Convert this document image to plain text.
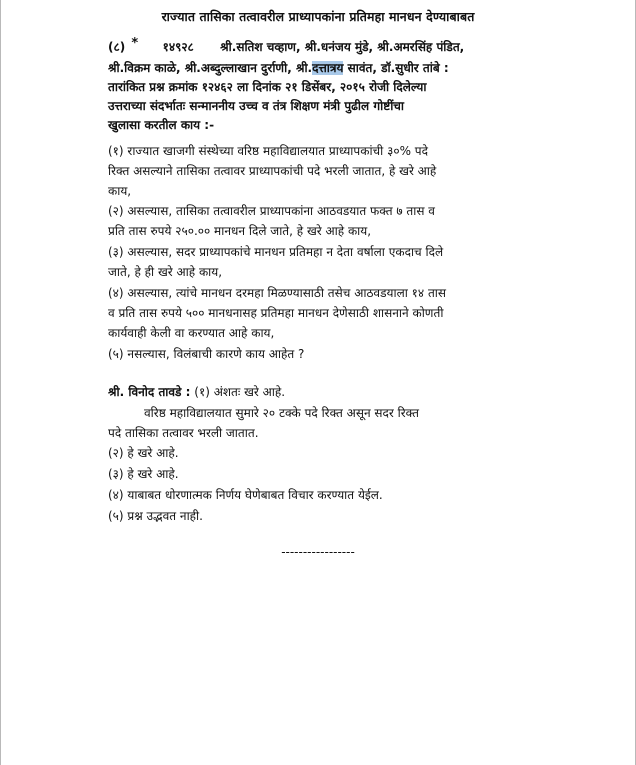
राज्यात तासिका तत्वावरील प्राध्यापकांना प्रतिमहा मानधन देण्याबाबत
(८) * १४९२८ श्री.सतिश चव्हाण, श्री.धनंजय मुंडे, श्री.अमरसिंह पंडित,
श्री.विक्रम काळे, श्री.अब्दुल्लाखान दुर्राणी, श्री.दत्तात्रय सावंत, डॉ.सुधीर तांबे :
तारांकित प्रश्न क्रमांक १२४६२ ला दिनांक २१ डिसेंबर, २०१५ रोजी दिलेल्या
उत्तराच्या संदर्भातः सन्माननीय उच्च व तंत्र शिक्षण मंत्री पुढील गोष्टींचा
खुलासा करतील काय :-
(१) राज्यात खाजगी संस्थेच्या वरिष्ठ महाविद्यालयात प्राध्यापकांची ३०% पदे
रिक्त असल्याने तासिका तत्वावर प्राध्यापकांची पदे भरली जातात, हे खरे आहे
काय,
(२) असल्यास, तासिका तत्वावरील प्राध्यापकांना आठवडयात फक्त ७ तास व
प्रति तास रुपये २५०.०० मानधन दिले जाते, हे खरे आहे काय,
(३) असल्यास, सदर प्राध्यापकांचे मानधन प्रतिमहा न देता वर्षाला एकदाच दिले
जाते, हे ही खरे आहे काय,
(४) असल्यास, त्यांचे मानधन दरमहा मिळण्यासाठी तसेच आठवडयाला १४ तास
व प्रति तास रुपये ५०० मानधनासह प्रतिमहा मानधन देणेसाठी शासनाने कोणती
कार्यवाही केली वा करण्यात आहे काय,
(५) नसल्यास, विलंबाची कारणे काय आहेत ?
श्री. विनोद तावडे : (१) अंशतः खरे आहे.
वरिष्ठ महाविद्यालयात सुमारे २० टक्के पदे रिक्त असून सदर रिक्त
पदे तासिका तत्वावर भरली जातात.
(२) हे खरे आहे.
(३) हे खरे आहे.
(४) याबाबत धोरणात्मक निर्णय घेणेबाबत विचार करण्यात येईल.
(५) प्रश्न उद्भवत नाही.
-----------------
